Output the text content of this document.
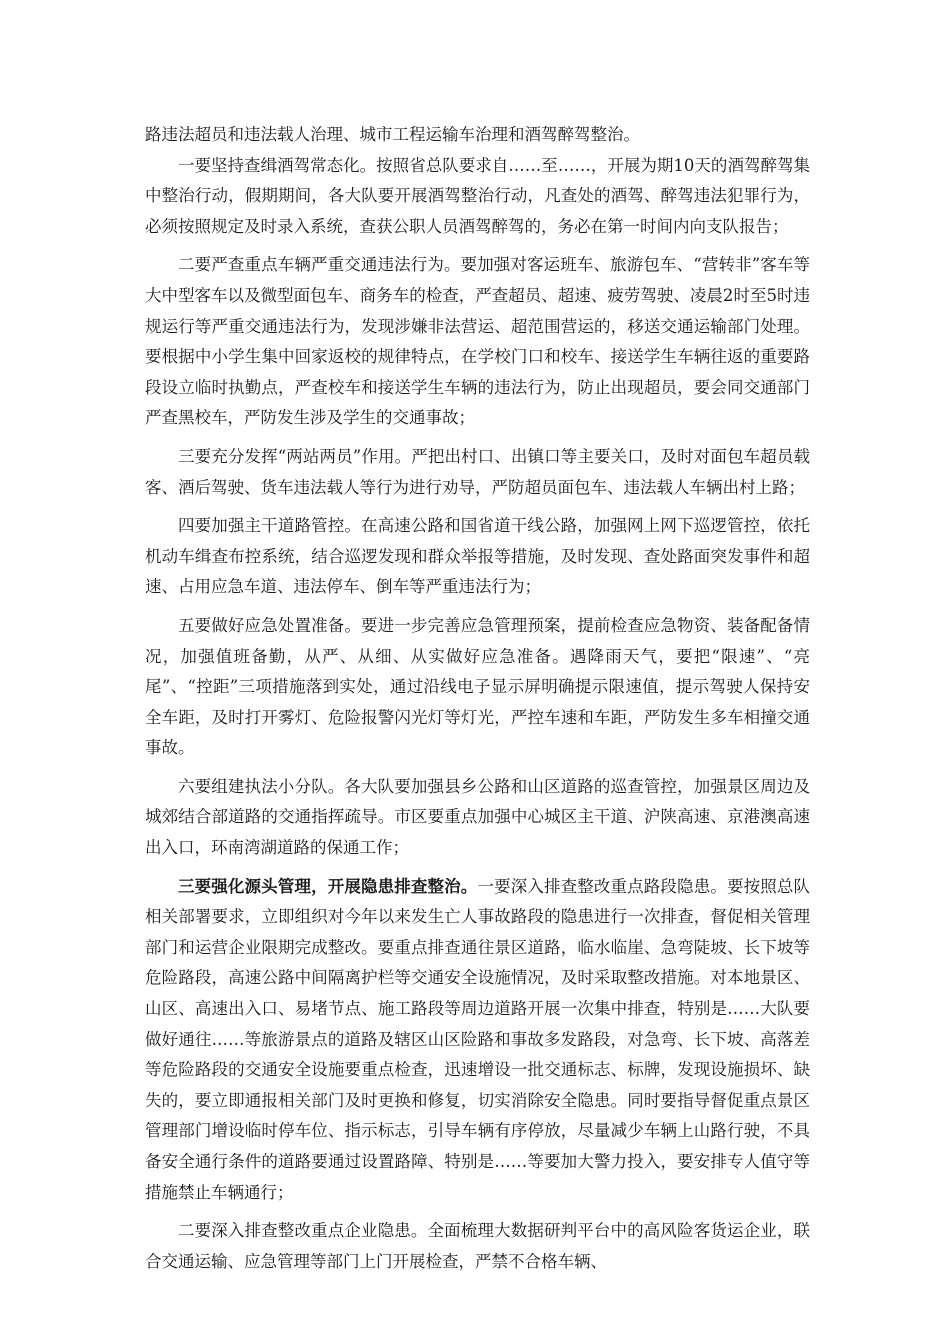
路违法超员和违法载人治理、城市工程运输车治理和酒驾醉驾整治。

一要坚持查缉酒驾常态化。按照省总队要求自……至……，开展为期10天的酒驾醉驾集中整治行动，假期期间，各大队要开展酒驾整治行动，凡查处的酒驾、醉驾违法犯罪行为，必须按照规定及时录入系统，查获公职人员酒驾醉驾的，务必在第一时间内向支队报告；

二要严查重点车辆严重交通违法行为。要加强对客运班车、旅游包车、“营转非”客车等大中型客车以及微型面包车、商务车的检查，严查超员、超速、疲劳驾驶、凌晨2时至5时违规运行等严重交通违法行为，发现涉嫌非法营运、超范围营运的，移送交通运输部门处理。要根据中小学生集中回家返校的规律特点，在学校门口和校车、接送学生车辆往返的重要路段设立临时执勤点，严查校车和接送学生车辆的违法行为，防止出现超员，要会同交通部门严查黑校车，严防发生涉及学生的交通事故；

三要充分发挥“两站两员”作用。严把出村口、出镇口等主要关口，及时对面包车超员载客、酒后驾驶、货车违法载人等行为进行劝导，严防超员面包车、违法载人车辆出村上路；

四要加强主干道路管控。在高速公路和国省道干线公路，加强网上网下巡逻管控，依托机动车缉查布控系统，结合巡逻发现和群众举报等措施，及时发现、查处路面突发事件和超速、占用应急车道、违法停车、倒车等严重违法行为；

五要做好应急处置准备。要进一步完善应急管理预案，提前检查应急物资、装备配备情况，加强值班备勤，从严、从细、从实做好应急准备。遇降雨天气，要把“限速”、“亮尾”、“控距”三项措施落到实处，通过沿线电子显示屏明确提示限速值，提示驾驶人保持安全车距，及时打开雾灯、危险报警闪光灯等灯光，严控车速和车距，严防发生多车相撞交通事故。

六要组建执法小分队。各大队要加强县乡公路和山区道路的巡查管控，加强景区周边及城郊结合部道路的交通指挥疏导。市区要重点加强中心城区主干道、沪陕高速、京港澳高速出入口，环南湾湖道路的保通工作；

三要强化源头管理，开展隐患排查整治。一要深入排查整改重点路段隐患。要按照总队相关部署要求，立即组织对今年以来发生亡人事故路段的隐患进行一次排查，督促相关管理部门和运营企业限期完成整改。要重点排查通往景区道路，临水临崖、急弯陡坡、长下坡等危险路段，高速公路中间隔离护栏等交通安全设施情况，及时采取整改措施。对本地景区、山区、高速出入口、易堵节点、施工路段等周边道路开展一次集中排查，特别是……大队要做好通往……等旅游景点的道路及辖区山区险路和事故多发路段，对急弯、长下坡、高落差等危险路段的交通安全设施要重点检查，迅速增设一批交通标志、标牌，发现设施损坏、缺失的，要立即通报相关部门及时更换和修复，切实消除安全隐患。同时要指导督促重点景区管理部门增设临时停车位、指示标志，引导车辆有序停放，尽量减少车辆上山路行驶，不具备安全通行条件的道路要通过设置路障、特别是……等要加大警力投入，要安排专人值守等措施禁止车辆通行；

二要深入排查整改重点企业隐患。全面梳理大数据研判平台中的高风险客货运企业，联合交通运输、应急管理等部门上门开展检查，严禁不合格车辆、
